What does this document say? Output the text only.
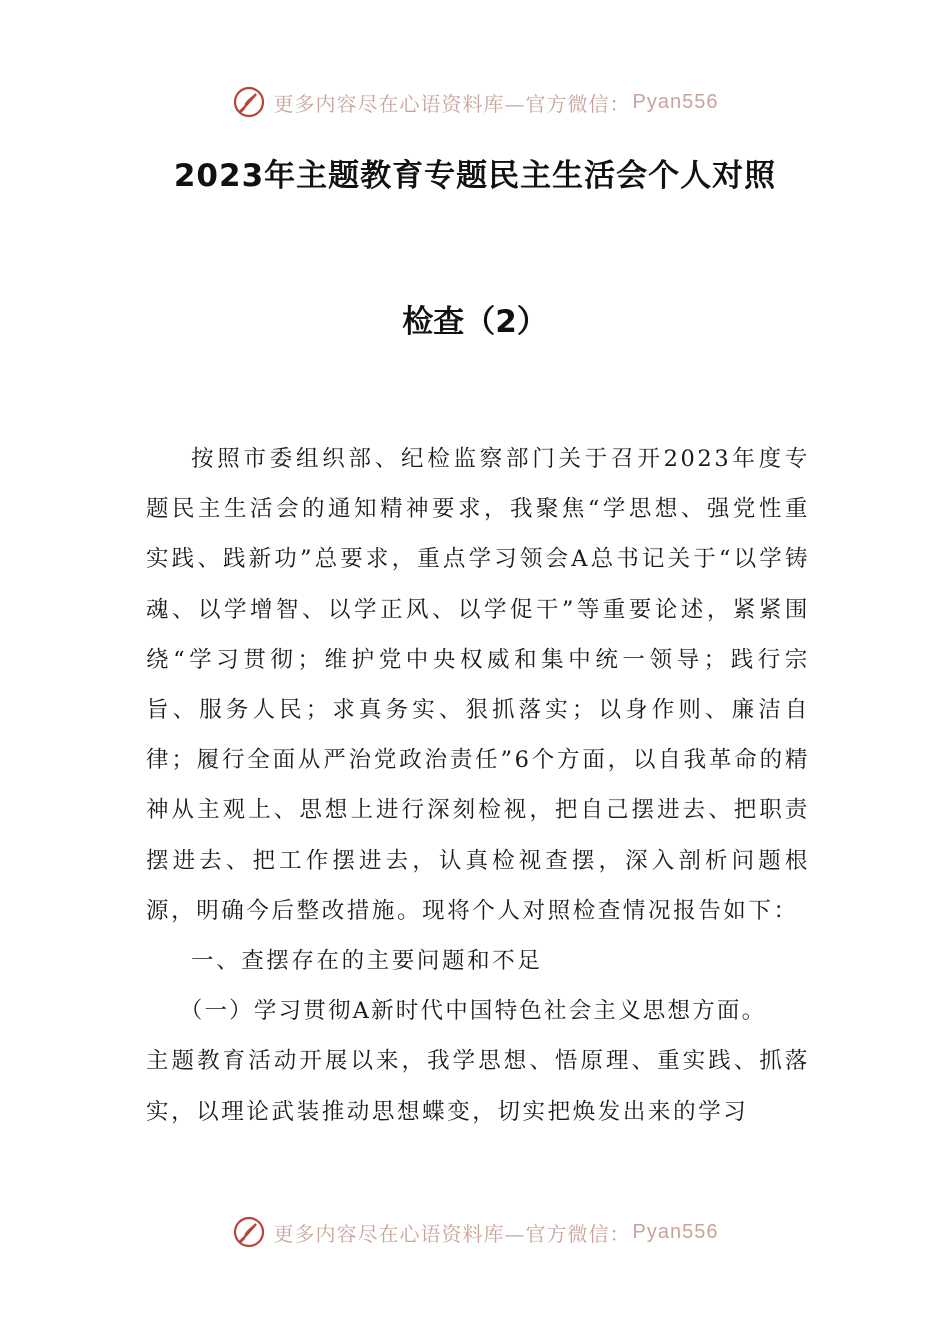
更多内容尽在心语资料库—官方微信： Pyan556
2023年主题教育专题民主生活会个人对照
检查（2）

按照市委组织部、纪检监察部门关于召开2023年度专题民主生活会的通知精神要求，我聚焦“学思想、强党性重实践、践新功”总要求，重点学习领会A总书记关于“以学铸魂、以学增智、以学正风、以学促干”等重要论述，紧紧围绕“学习贯彻；维护党中央权威和集中统一领导；践行宗旨、服务人民；求真务实、狠抓落实；以身作则、廉洁自律；履行全面从严治党政治责任”6个方面，以自我革命的精神从主观上、思想上进行深刻检视，把自己摆进去、把职责摆进去、把工作摆进去，认真检视查摆，深入剖析问题根源，明确今后整改措施。现将个人对照检查情况报告如下：

一、查摆存在的主要问题和不足

（一）学习贯彻A新时代中国特色社会主义思想方面。

主题教育活动开展以来，我学思想、悟原理、重实践、抓落实，以理论武装推动思想蝶变，切实把焕发出来的学习

更多内容尽在心语资料库—官方微信： Pyan556
